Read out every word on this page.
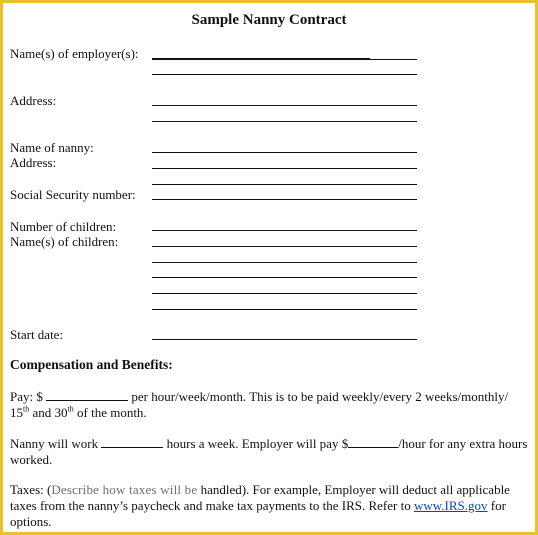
Sample Nanny Contract
Name(s) of employer(s):
Address:
Name of nanny:
Address:
Social Security number:
Number of children:
Name(s) of children:
Start date:
Compensation and Benefits:
Pay: $	per hour/week/month. This is to be paid weekly/every 2 weeks/monthly/
15th and 30th of the month.
Nanny will work	hours a week. Employer will pay $	/hour for any extra hours worked.
Taxes: (Describe how taxes will be handled). For example, Employer will deduct all applicable taxes from the nanny’s paycheck and make tax payments to the IRS. Refer to www.IRS.gov for options.
